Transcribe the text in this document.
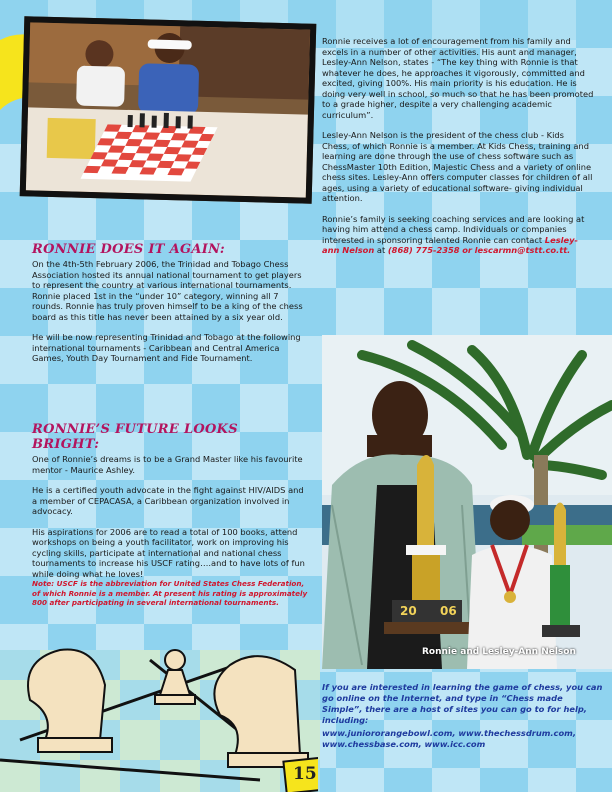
RONNIE DOES IT AGAIN:

On the 4th-5th February 2006, the Trinidad and Tobago Chess Association hosted its annual national tournament to get players to represent the country at various international tournaments. Ronnie placed 1st in the “under 10” category, winning all 7 rounds. Ronnie has truly proven himself to be a king of the chess board as this title has never been attained by a six year old.

He will be now representing Trinidad and Tobago at the following international tournaments - Caribbean and Central America Games, Youth Day Tournament and Fide Tournament.

RONNIE’S FUTURE LOOKS BRIGHT:

One of Ronnie’s dreams is to be a Grand Master like his favourite mentor - Maurice Ashley.

He is a certified youth advocate in the fight against HIV/AIDS and a member of CEPACASA, a Caribbean organization involved in advocacy.

His aspirations for 2006 are to read a total of 100 books, attend workshops on being a youth facilitator, work on improving his cycling skills, participate at international and national chess tournaments to increase his USCF rating….and to have lots of fun while doing what he loves!

Note: USCF is the abbreviation for United States Chess Federation, of which Ronnie is a member. At present his rating is approximately 800 after participating in several international tournaments.

Ronnie receives a lot of encouragement from his family and excels in a number of other activities. His aunt and manager, Lesley-Ann Nelson, states - “The key thing with Ronnie is that whatever he does, he approaches it vigorously, committed and excited, giving 100%. His main priority is his education. He is doing very well in school, so much so that he has been promoted to a grade higher, despite a very challenging academic curriculum”.

Lesley-Ann Nelson is the president of the chess club - Kids Chess, of which Ronnie is a member. At Kids Chess, training and learning are done through the use of chess software such as ChessMaster 10th Edition, Majestic Chess and a variety of online chess sites. Lesley-Ann offers computer classes for children of all ages, using a variety of educational software- giving individual attention.

Ronnie’s family is seeking coaching services and are looking at having him attend a chess camp. Individuals or companies interested in sponsoring talented Ronnie can contact Lesley-ann Nelson at (868) 775-2358 or lescarmn@tstt.co.tt.

20 06
Ronnie and Lesley-Ann Nelson
15
If you are interested in learning the game of chess, you can go online on the Internet, and type in “Chess made Simple”, there are a host of sites you can go to for help, including:
www.juniororangebowl.com, www.thechessdrum.com, www.chessbase.com, www.icc.com
